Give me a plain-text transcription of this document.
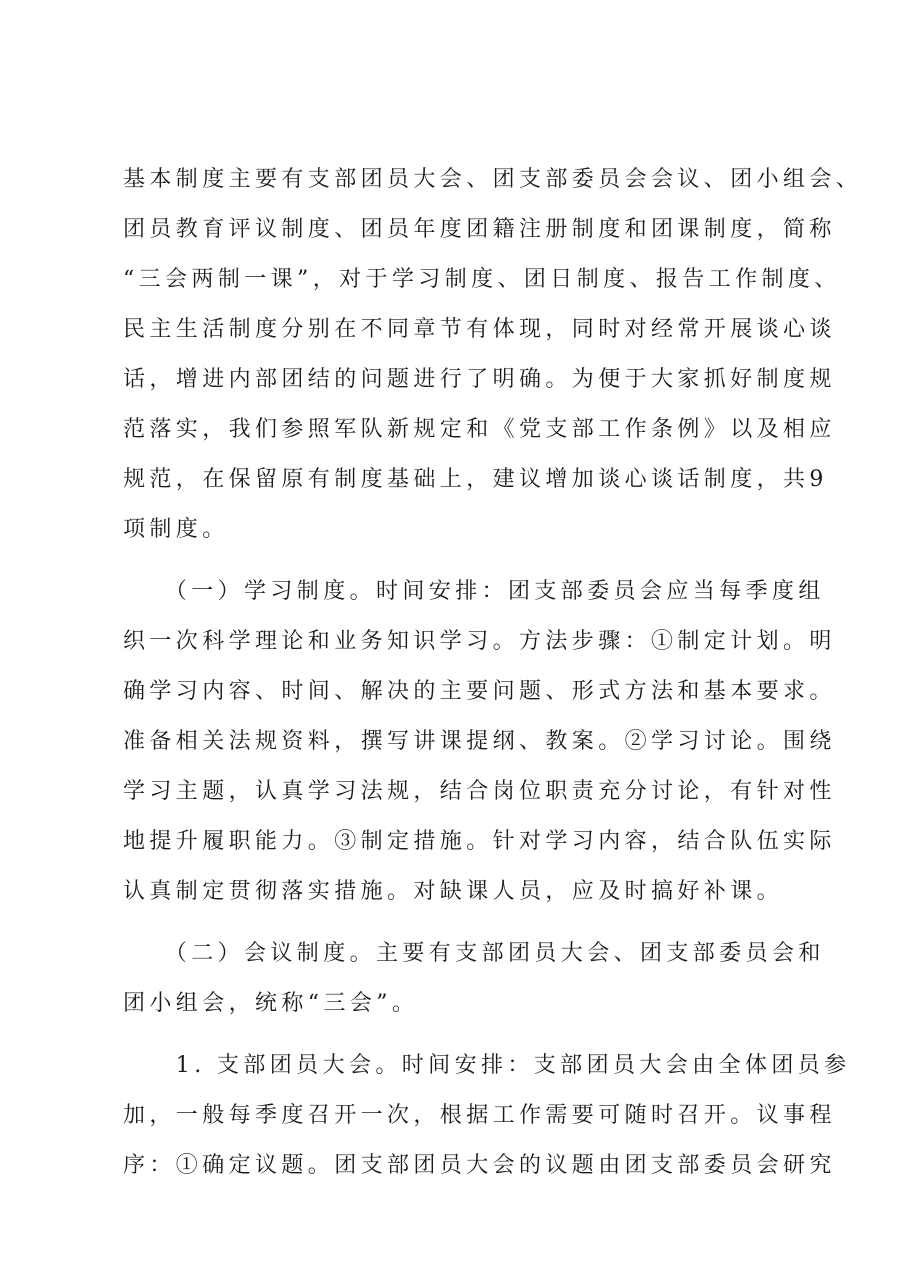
基本制度主要有支部团员大会、团支部委员会会议、团小组会、
团员教育评议制度、团员年度团籍注册制度和团课制度，简称
“三会两制一课”，对于学习制度、团日制度、报告工作制度、
民主生活制度分别在不同章节有体现，同时对经常开展谈心谈
话，增进内部团结的问题进行了明确。为便于大家抓好制度规
范落实，我们参照军队新规定和《党支部工作条例》以及相应
规范，在保留原有制度基础上，建议增加谈心谈话制度，共9
项制度。
　　（一）学习制度。时间安排：团支部委员会应当每季度组
织一次科学理论和业务知识学习。方法步骤：①制定计划。明
确学习内容、时间、解决的主要问题、形式方法和基本要求。
准备相关法规资料，撰写讲课提纲、教案。②学习讨论。围绕
学习主题，认真学习法规，结合岗位职责充分讨论，有针对性
地提升履职能力。③制定措施。针对学习内容，结合队伍实际
认真制定贯彻落实措施。对缺课人员，应及时搞好补课。
　　（二）会议制度。主要有支部团员大会、团支部委员会和
团小组会，统称“三会”。
　　1. 支部团员大会。时间安排：支部团员大会由全体团员参
加，一般每季度召开一次，根据工作需要可随时召开。议事程
序：①确定议题。团支部团员大会的议题由团支部委员会研究
